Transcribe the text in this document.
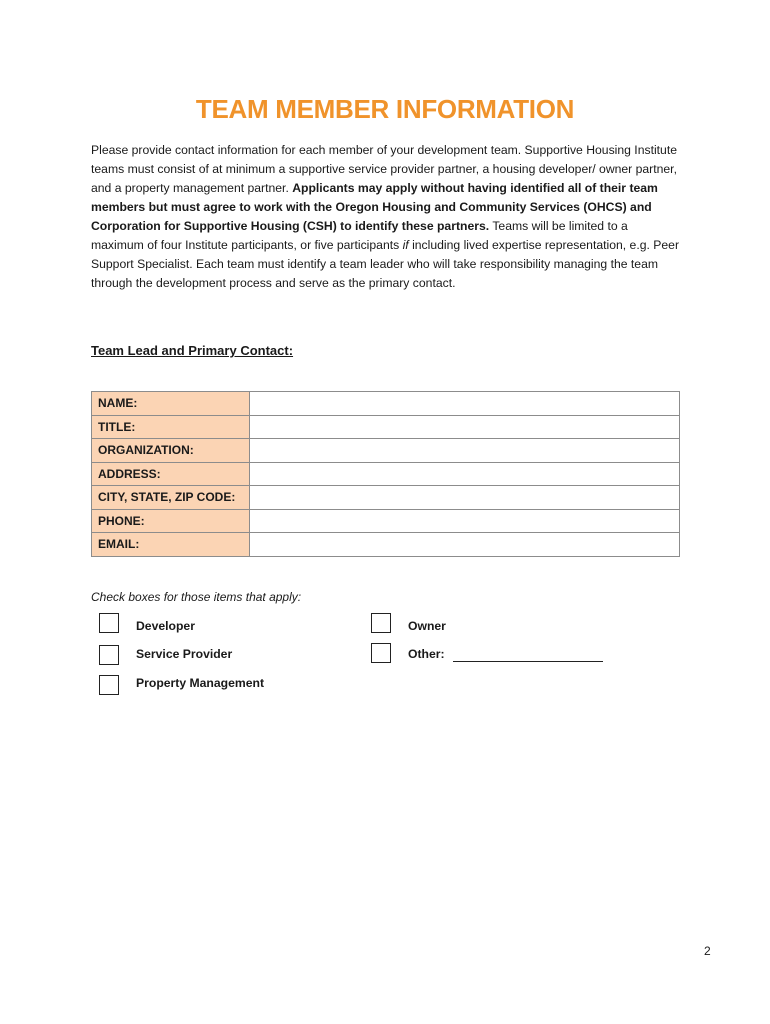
TEAM MEMBER INFORMATION

Please provide contact information for each member of your development team. Supportive Housing Institute teams must consist of at minimum a supportive service provider partner, a housing developer/ owner partner, and a property management partner. Applicants may apply without having identified all of their team members but must agree to work with the Oregon Housing and Community Services (OHCS) and Corporation for Supportive Housing (CSH) to identify these partners. Teams will be limited to a maximum of four Institute participants, or five participants if including lived expertise representation, e.g. Peer Support Specialist. Each team must identify a team leader who will take responsibility managing the team through the development process and serve as the primary contact.

Team Lead and Primary Contact:
NAME:	
TITLE:	
ORGANIZATION:	
ADDRESS:	
CITY, STATE, ZIP CODE:	
PHONE:	
EMAIL:	

Check boxes for those items that apply:

Developer
Service Provider
Property Management
Owner
Other:
2
